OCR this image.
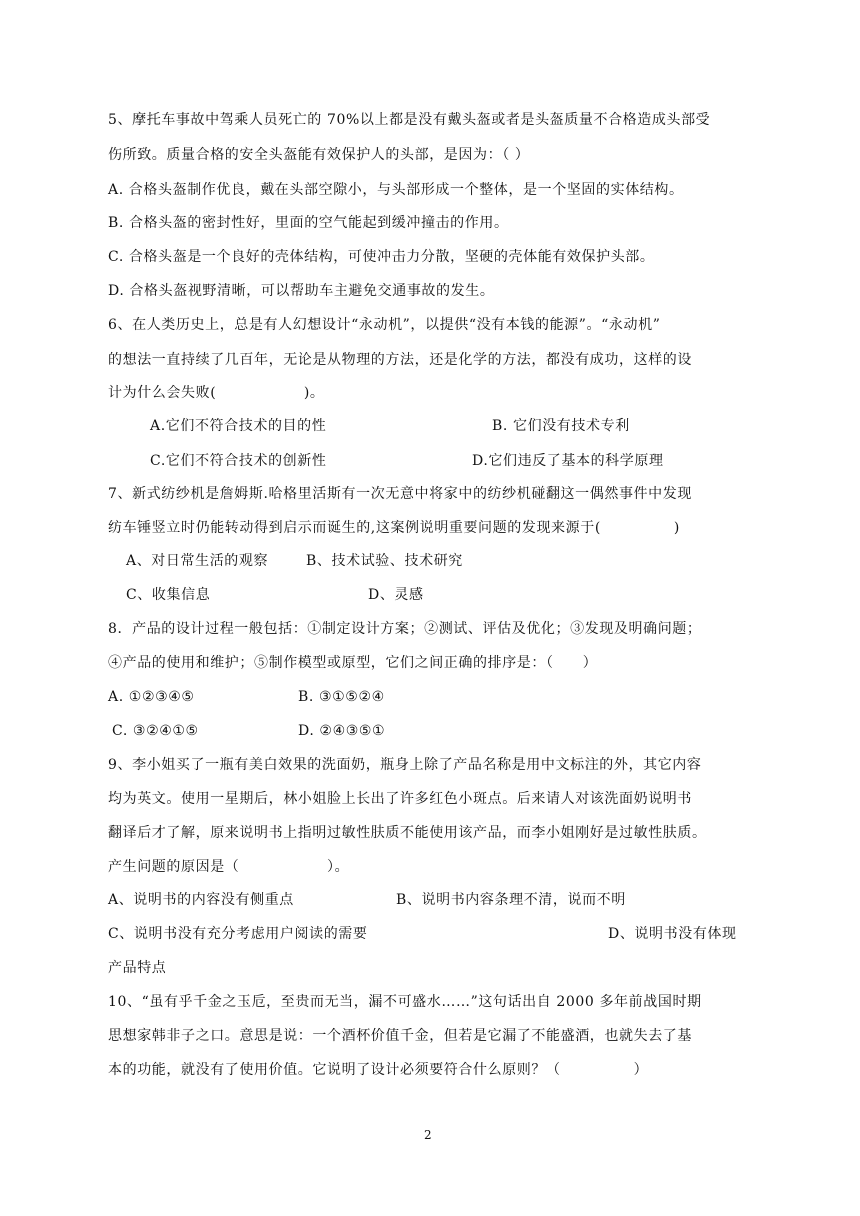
5、摩托车事故中驾乘人员死亡的 70%以上都是没有戴头盔或者是头盔质量不合格造成头部受
伤所致。质量合格的安全头盔能有效保护人的头部，是因为：（ ）
A. 合格头盔制作优良，戴在头部空隙小，与头部形成一个整体，是一个坚固的实体结构。
B. 合格头盔的密封性好，里面的空气能起到缓冲撞击的作用。
C. 合格头盔是一个良好的壳体结构，可使冲击力分散，坚硬的壳体能有效保护头部。
D. 合格头盔视野清晰，可以帮助车主避免交通事故的发生。
6、在人类历史上，总是有人幻想设计“永动机”，以提供“没有本钱的能源”。“永动机”
的想法一直持续了几百年，无论是从物理的方法，还是化学的方法，都没有成功，这样的设
计为什么会失败(　　　　　　)。
A.它们不符合技术的目的性	B. 它们没有技术专利
C.它们不符合技术的创新性	D.它们违反了基本的科学原理
7、新式纺纱机是詹姆斯.哈格里活斯有一次无意中将家中的纺纱机碰翻这一偶然事件中发现
纺车锤竖立时仍能转动得到启示而诞生的,这案例说明重要问题的发现来源于(　　　　　)
A、对日常生活的观察	B、技术试验、技术研究
C、收集信息	D、灵感
8．产品的设计过程一般包括：①制定设计方案；②测试、评估及优化；③发现及明确问题；
④产品的使用和维护；⑤制作模型或原型，它们之间正确的排序是：（　　）
A. ①②③④⑤	B. ③①⑤②④
C. ③②④①⑤	D. ②④③⑤①
9、李小姐买了一瓶有美白效果的洗面奶，瓶身上除了产品名称是用中文标注的外，其它内容
均为英文。使用一星期后，林小姐脸上长出了许多红色小斑点。后来请人对该洗面奶说明书
翻译后才了解，原来说明书上指明过敏性肤质不能使用该产品，而李小姐刚好是过敏性肤质。
产生问题的原因是（　　　　　　）。
A、说明书的内容没有侧重点	B、说明书内容条理不清，说而不明
C、说明书没有充分考虑用户阅读的需要	D、说明书没有体现
产品特点
10、“虽有乎千金之玉卮，至贵而无当，漏不可盛水……”这句话出自 2000 多年前战国时期
思想家韩非子之口。意思是说：一个酒杯价值千金，但若是它漏了不能盛酒，也就失去了基
本的功能，就没有了使用价值。它说明了设计必须要符合什么原则？（　　　　　）
2
